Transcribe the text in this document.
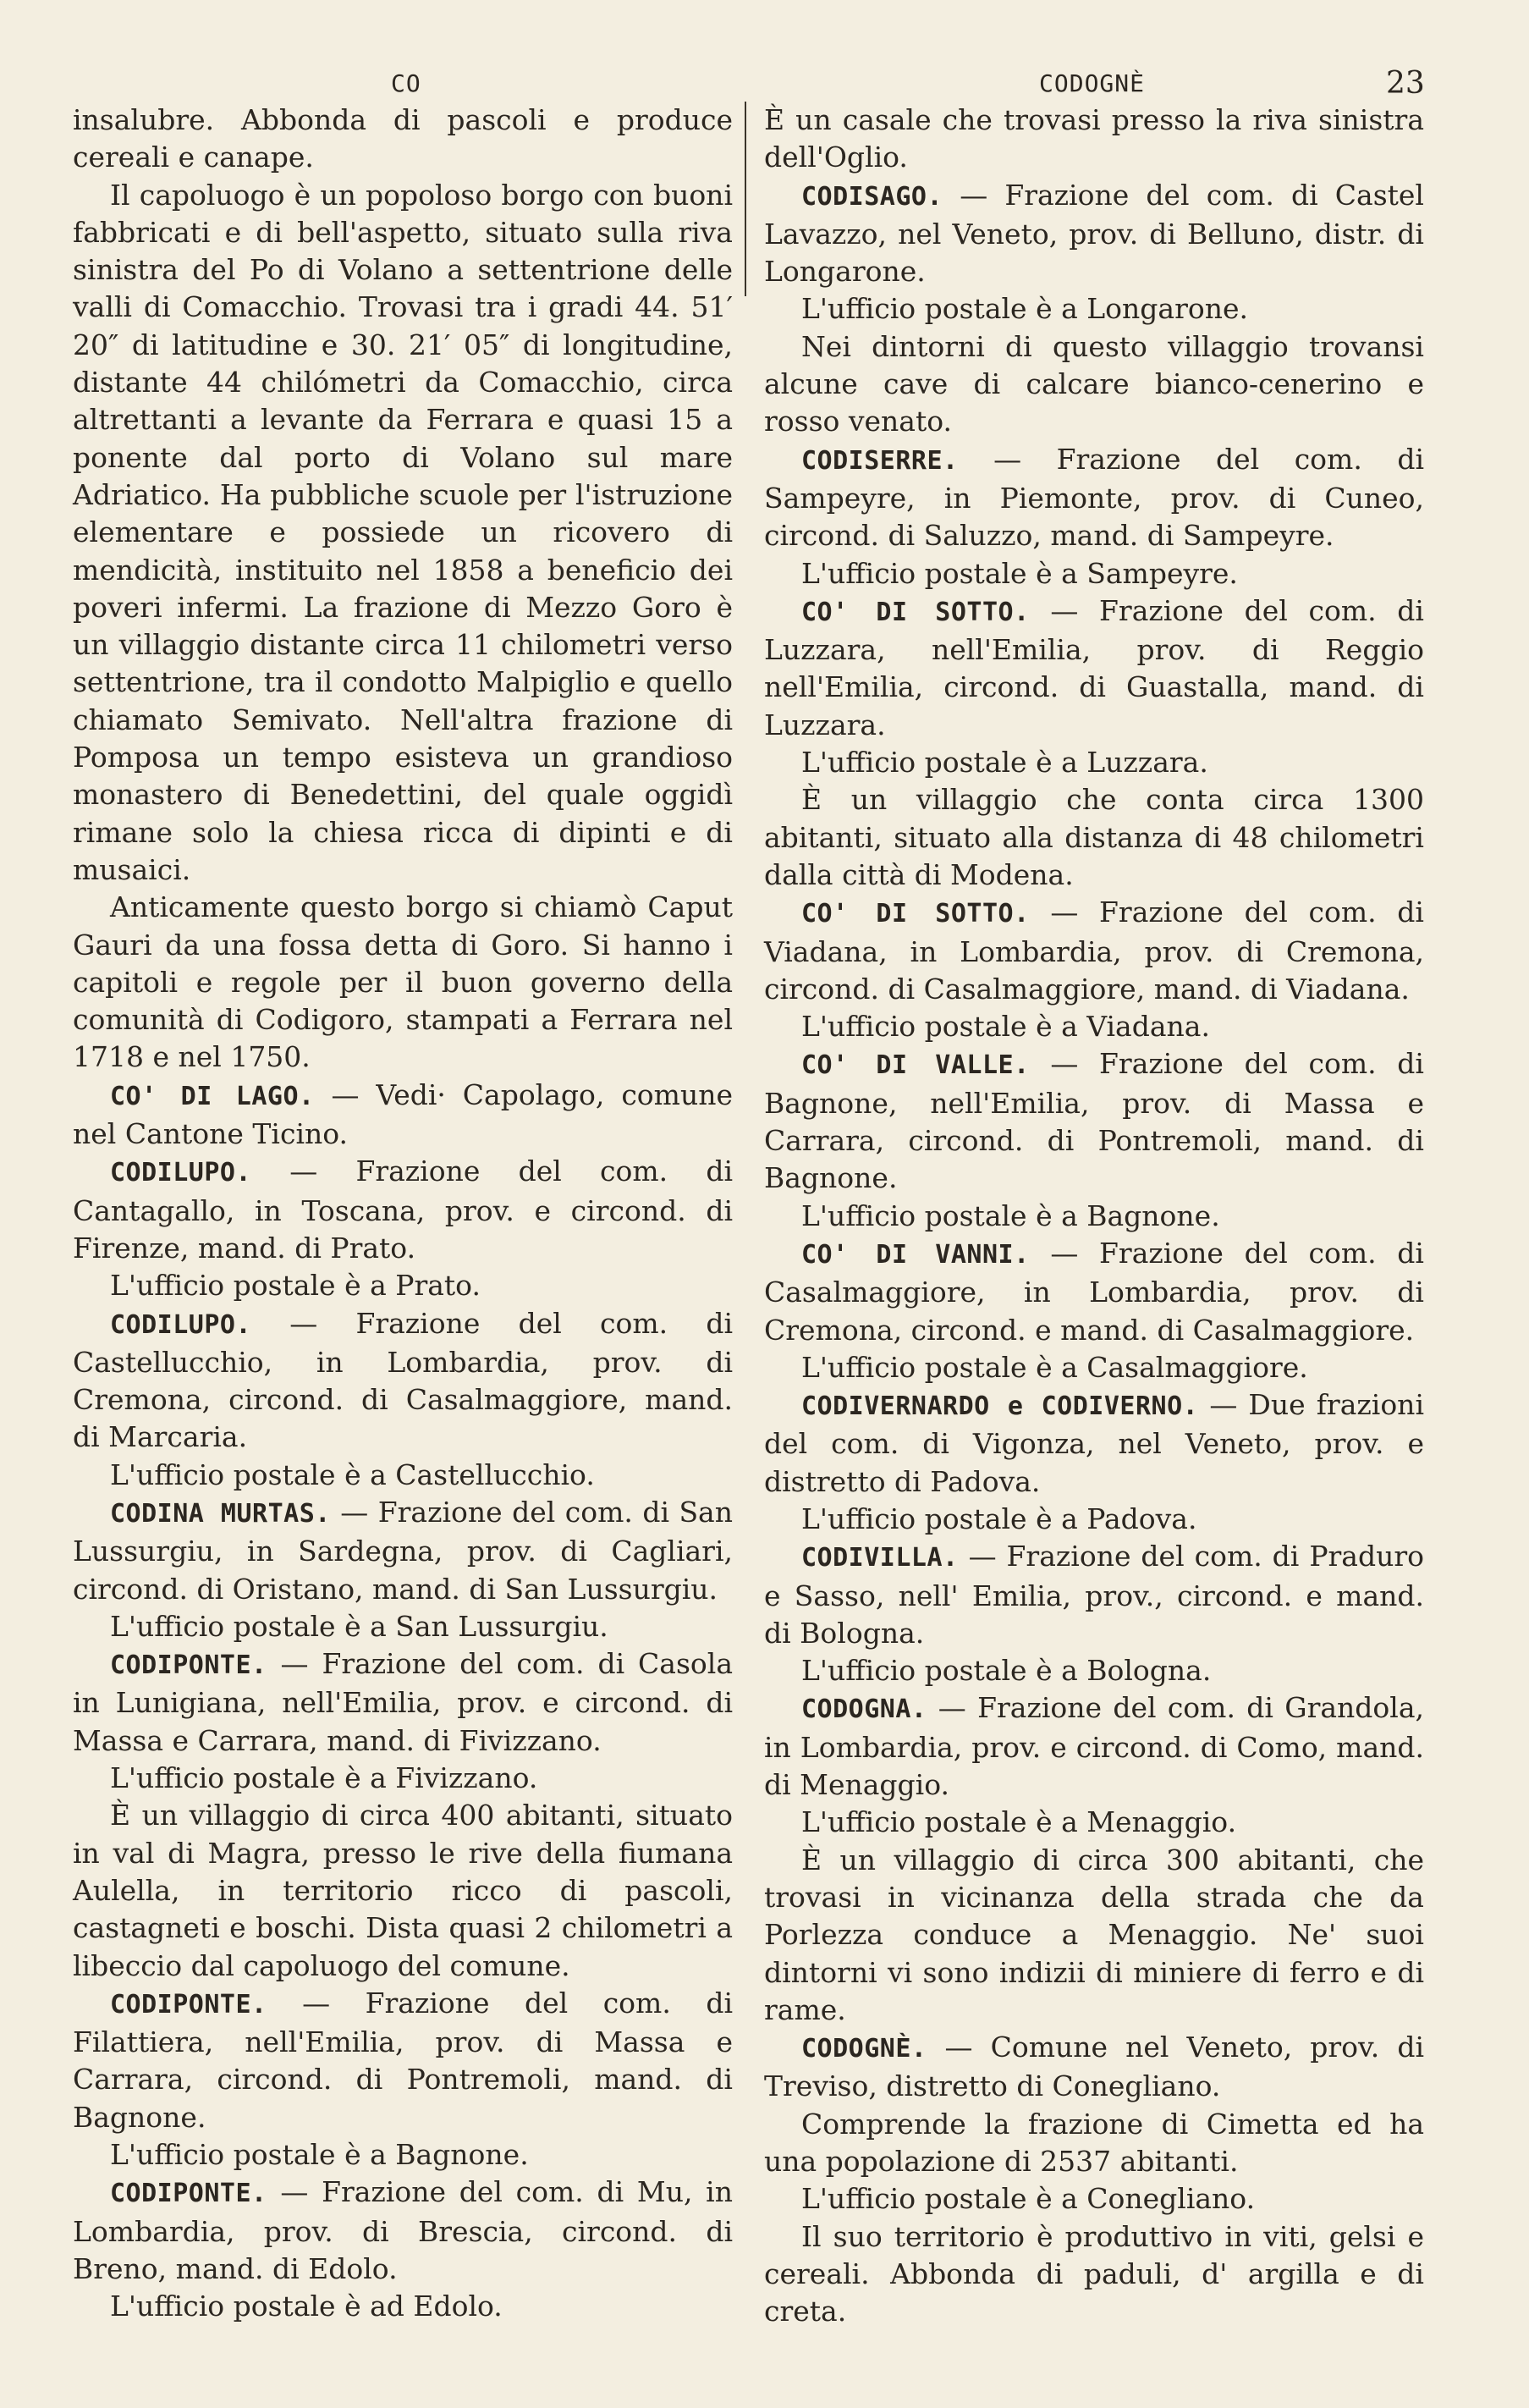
CO	CODOGNÈ	23

insalubre. Abbonda di pascoli e produce cereali e canape.

Il capoluogo è un popoloso borgo con buoni fabbricati e di bell'aspetto, situato sulla riva sinistra del Po di Volano a settentrione delle valli di Comacchio. Trovasi tra i gradi 44. 51′ 20″ di latitudine e 30. 21′ 05″ di longitudine, distante 44 chilómetri da Comacchio, circa altrettanti a levante da Ferrara e quasi 15 a ponente dal porto di Volano sul mare Adriatico. Ha pubbliche scuole per l'istruzione elementare e possiede un ricovero di mendicità, instituito nel 1858 a beneficio dei poveri infermi. La frazione di Mezzo Goro è un villaggio distante circa 11 chilometri verso settentrione, tra il condotto Malpiglio e quello chiamato Semivato. Nell'altra frazione di Pomposa un tempo esisteva un grandioso monastero di Benedettini, del quale oggidì rimane solo la chiesa ricca di dipinti e di musaici.

Anticamente questo borgo si chiamò Caput Gauri da una fossa detta di Goro. Si hanno i capitoli e regole per il buon governo della comunità di Codigoro, stampati a Ferrara nel 1718 e nel 1750.

CO' DI LAGO. — Vedi· Capolago, comune nel Cantone Ticino.

CODILUPO. — Frazione del com. di Cantagallo, in Toscana, prov. e circond. di Firenze, mand. di Prato.

L'ufficio postale è a Prato.

CODILUPO. — Frazione del com. di Castellucchio, in Lombardia, prov. di Cremona, circond. di Casalmaggiore, mand. di Marcaria.

L'ufficio postale è a Castellucchio.

CODINA MURTAS. — Frazione del com. di San Lussurgiu, in Sardegna, prov. di Cagliari, circond. di Oristano, mand. di San Lussurgiu.

L'ufficio postale è a San Lussurgiu.

CODIPONTE. — Frazione del com. di Casola in Lunigiana, nell'Emilia, prov. e circond. di Massa e Carrara, mand. di Fivizzano.

L'ufficio postale è a Fivizzano.

È un villaggio di circa 400 abitanti, situato in val di Magra, presso le rive della fiumana Aulella, in territorio ricco di pascoli, castagneti e boschi. Dista quasi 2 chilometri a libeccio dal capoluogo del comune.

CODIPONTE. — Frazione del com. di Filattiera, nell'Emilia, prov. di Massa e Carrara, circond. di Pontremoli, mand. di Bagnone.

L'ufficio postale è a Bagnone.

CODIPONTE. — Frazione del com. di Mu, in Lombardia, prov. di Brescia, circond. di Breno, mand. di Edolo.

L'ufficio postale è ad Edolo.

È un casale che trovasi presso la riva sinistra dell'Oglio.

CODISAGO. — Frazione del com. di Castel Lavazzo, nel Veneto, prov. di Belluno, distr. di Longarone.

L'ufficio postale è a Longarone.

Nei dintorni di questo villaggio trovansi alcune cave di calcare bianco-cenerino e rosso venato.

CODISERRE. — Frazione del com. di Sampeyre, in Piemonte, prov. di Cuneo, circond. di Saluzzo, mand. di Sampeyre.

L'ufficio postale è a Sampeyre.

CO' DI SOTTO. — Frazione del com. di Luzzara, nell'Emilia, prov. di Reggio nell'Emilia, circond. di Guastalla, mand. di Luzzara.

L'ufficio postale è a Luzzara.

È un villaggio che conta circa 1300 abitanti, situato alla distanza di 48 chilometri dalla città di Modena.

CO' DI SOTTO. — Frazione del com. di Viadana, in Lombardia, prov. di Cremona, circond. di Casalmaggiore, mand. di Viadana.

L'ufficio postale è a Viadana.

CO' DI VALLE. — Frazione del com. di Bagnone, nell'Emilia, prov. di Massa e Carrara, circond. di Pontremoli, mand. di Bagnone.

L'ufficio postale è a Bagnone.

CO' DI VANNI. — Frazione del com. di Casalmaggiore, in Lombardia, prov. di Cremona, circond. e mand. di Casalmaggiore.

L'ufficio postale è a Casalmaggiore.

CODIVERNARDO e CODIVERNO. — Due frazioni del com. di Vigonza, nel Veneto, prov. e distretto di Padova.

L'ufficio postale è a Padova.

CODIVILLA. — Frazione del com. di Praduro e Sasso, nell' Emilia, prov., circond. e mand. di Bologna.

L'ufficio postale è a Bologna.

CODOGNA. — Frazione del com. di Grandola, in Lombardia, prov. e circond. di Como, mand. di Menaggio.

L'ufficio postale è a Menaggio.

È un villaggio di circa 300 abitanti, che trovasi in vicinanza della strada che da Porlezza conduce a Menaggio. Ne' suoi dintorni vi sono indizii di miniere di ferro e di rame.

CODOGNÈ. — Comune nel Veneto, prov. di Treviso, distretto di Conegliano.

Comprende la frazione di Cimetta ed ha una popolazione di 2537 abitanti.

L'ufficio postale è a Conegliano.

Il suo territorio è produttivo in viti, gelsi e cereali. Abbonda di paduli, d' argilla e di creta.
